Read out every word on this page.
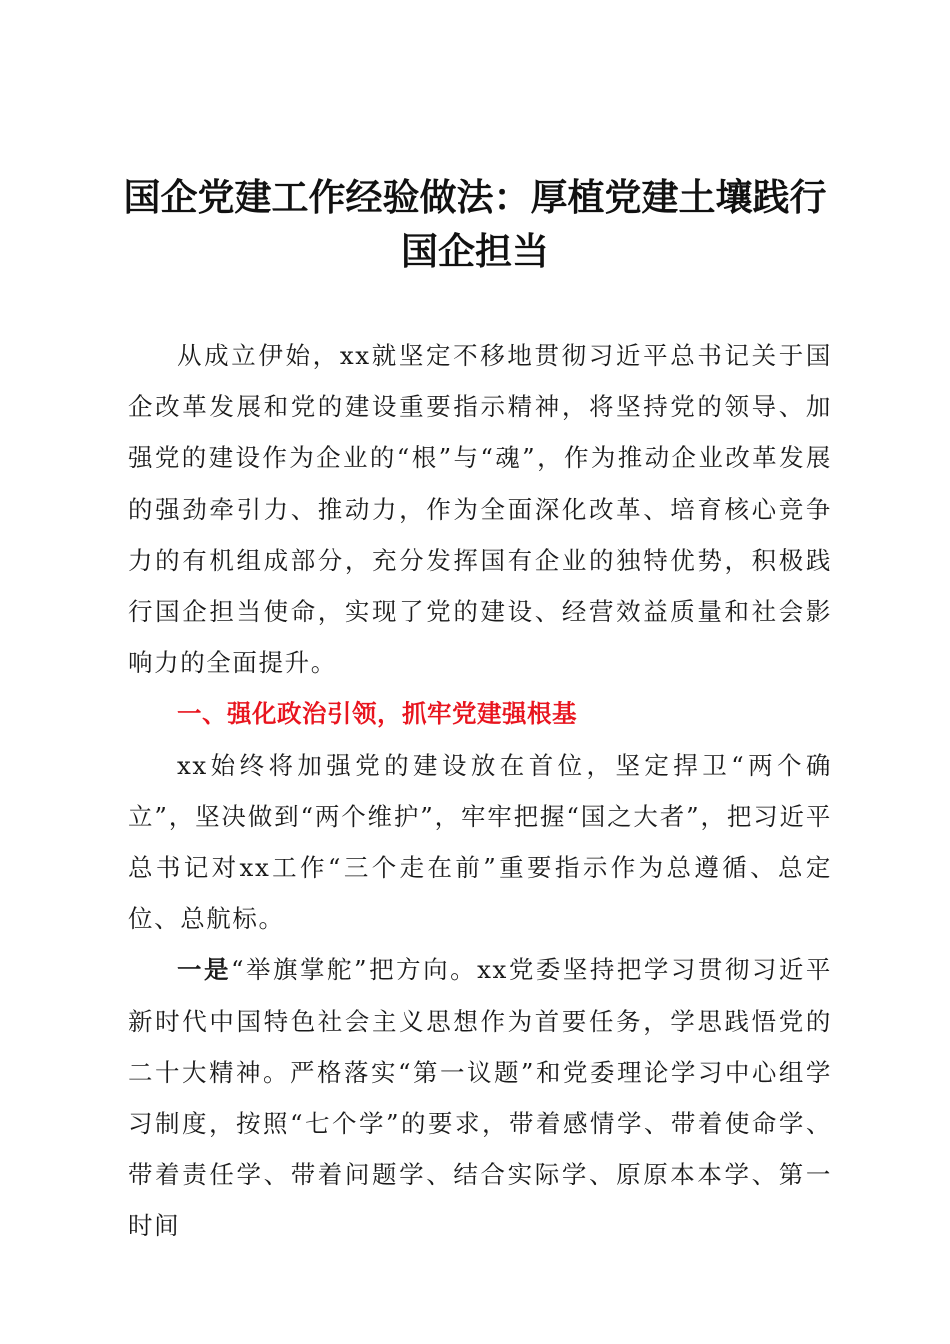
国企党建工作经验做法：厚植党建土壤践行国企担当

从成立伊始，xx就坚定不移地贯彻习近平总书记关于国企改革发展和党的建设重要指示精神，将坚持党的领导、加强党的建设作为企业的“根”与“魂”，作为推动企业改革发展的强劲牵引力、推动力，作为全面深化改革、培育核心竞争力的有机组成部分，充分发挥国有企业的独特优势，积极践行国企担当使命，实现了党的建设、经营效益质量和社会影响力的全面提升。

一、强化政治引领，抓牢党建强根基

xx始终将加强党的建设放在首位，坚定捍卫“两个确立”，坚决做到“两个维护”，牢牢把握“国之大者”，把习近平总书记对xx工作“三个走在前”重要指示作为总遵循、总定位、总航标。

一是“举旗掌舵”把方向。xx党委坚持把学习贯彻习近平新时代中国特色社会主义思想作为首要任务，学思践悟党的二十大精神。严格落实“第一议题”和党委理论学习中心组学习制度，按照“七个学”的要求，带着感情学、带着使命学、带着责任学、带着问题学、结合实际学、原原本本学、第一时间
